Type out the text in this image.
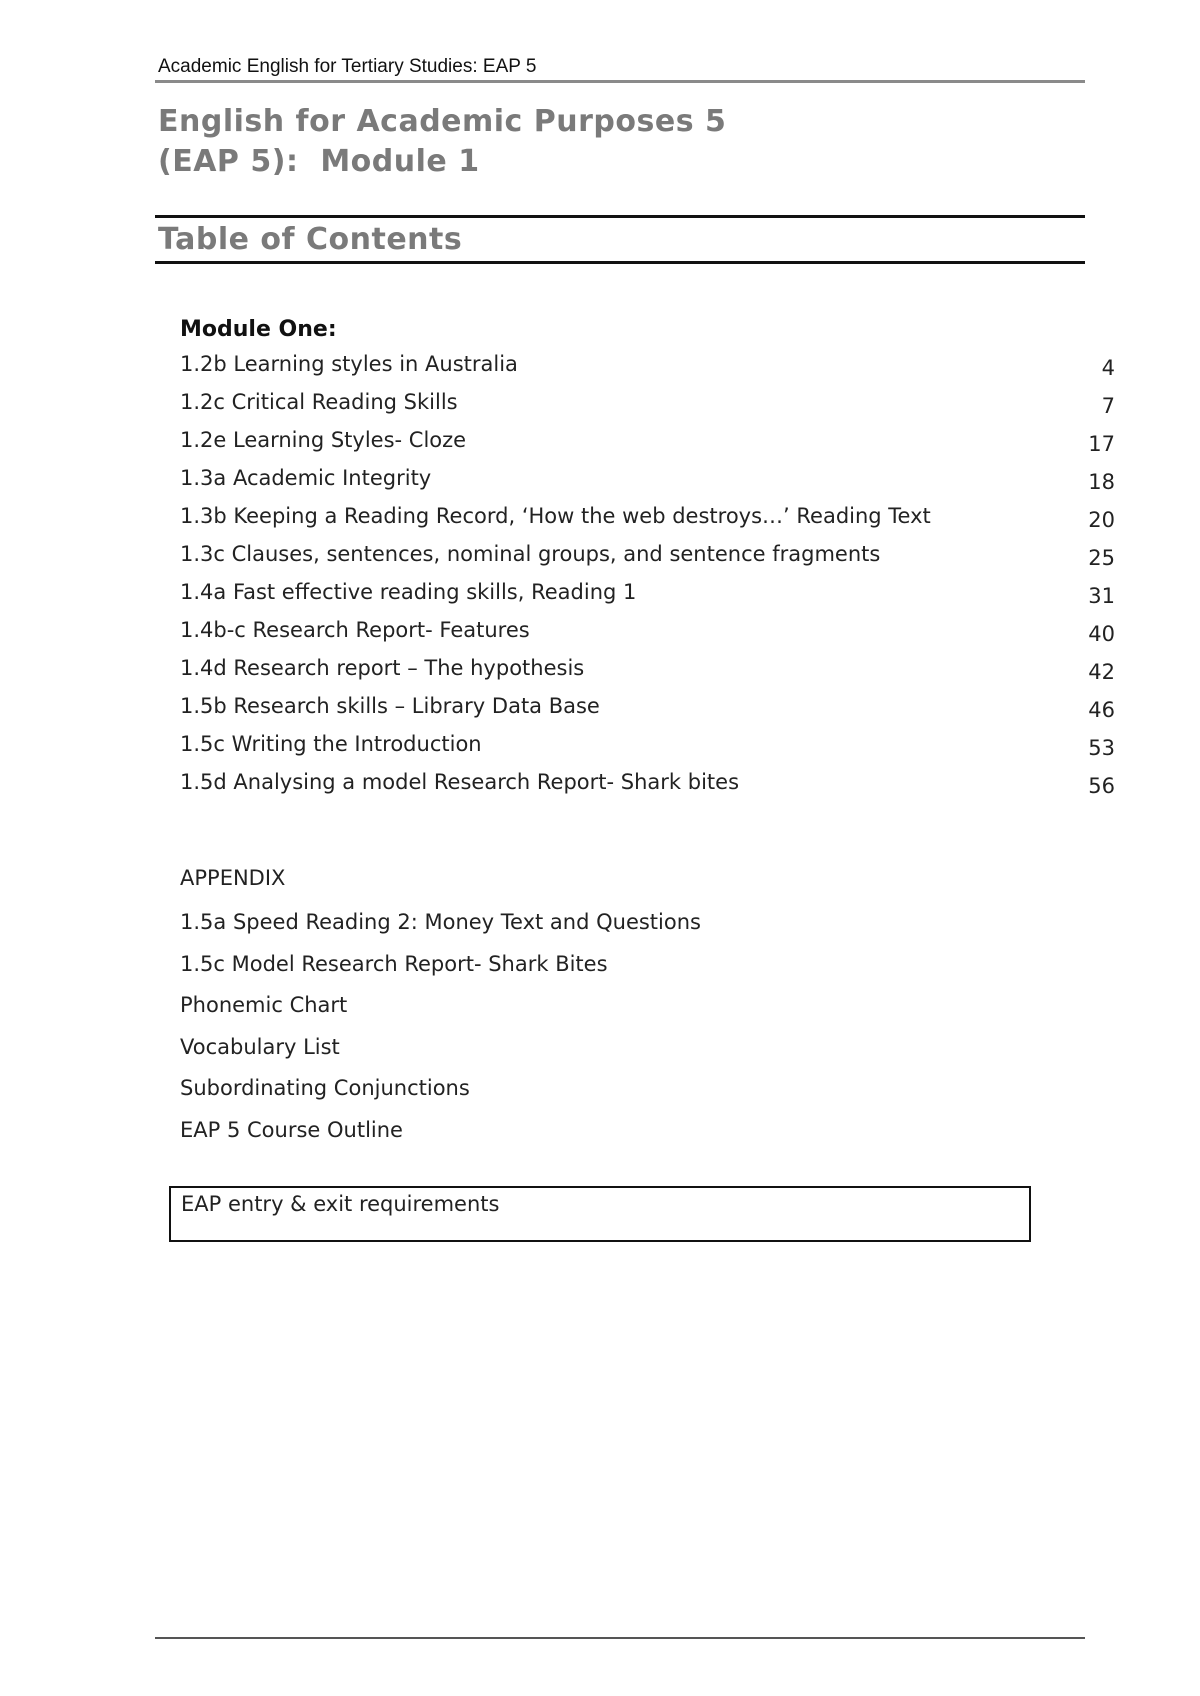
Academic English for Tertiary Studies: EAP 5
English for Academic Purposes 5
(EAP 5):  Module 1
Table of Contents
Module One:
1.2b Learning styles in Australia	4
1.2c Critical Reading Skills	7
1.2e Learning Styles- Cloze	17
1.3a Academic Integrity	18
1.3b Keeping a Reading Record, ‘How the web destroys…’ Reading Text	20
1.3c Clauses, sentences, nominal groups, and sentence fragments	25
1.4a Fast effective reading skills, Reading 1	31
1.4b-c Research Report- Features	40
1.4d Research report – The hypothesis	42
1.5b Research skills – Library Data Base	46
1.5c Writing the Introduction	53
1.5d Analysing a model Research Report- Shark bites	56
APPENDIX
1.5a Speed Reading 2: Money Text and Questions
1.5c Model Research Report- Shark Bites
Phonemic Chart
Vocabulary List
Subordinating Conjunctions
EAP 5 Course Outline
EAP entry & exit requirements
